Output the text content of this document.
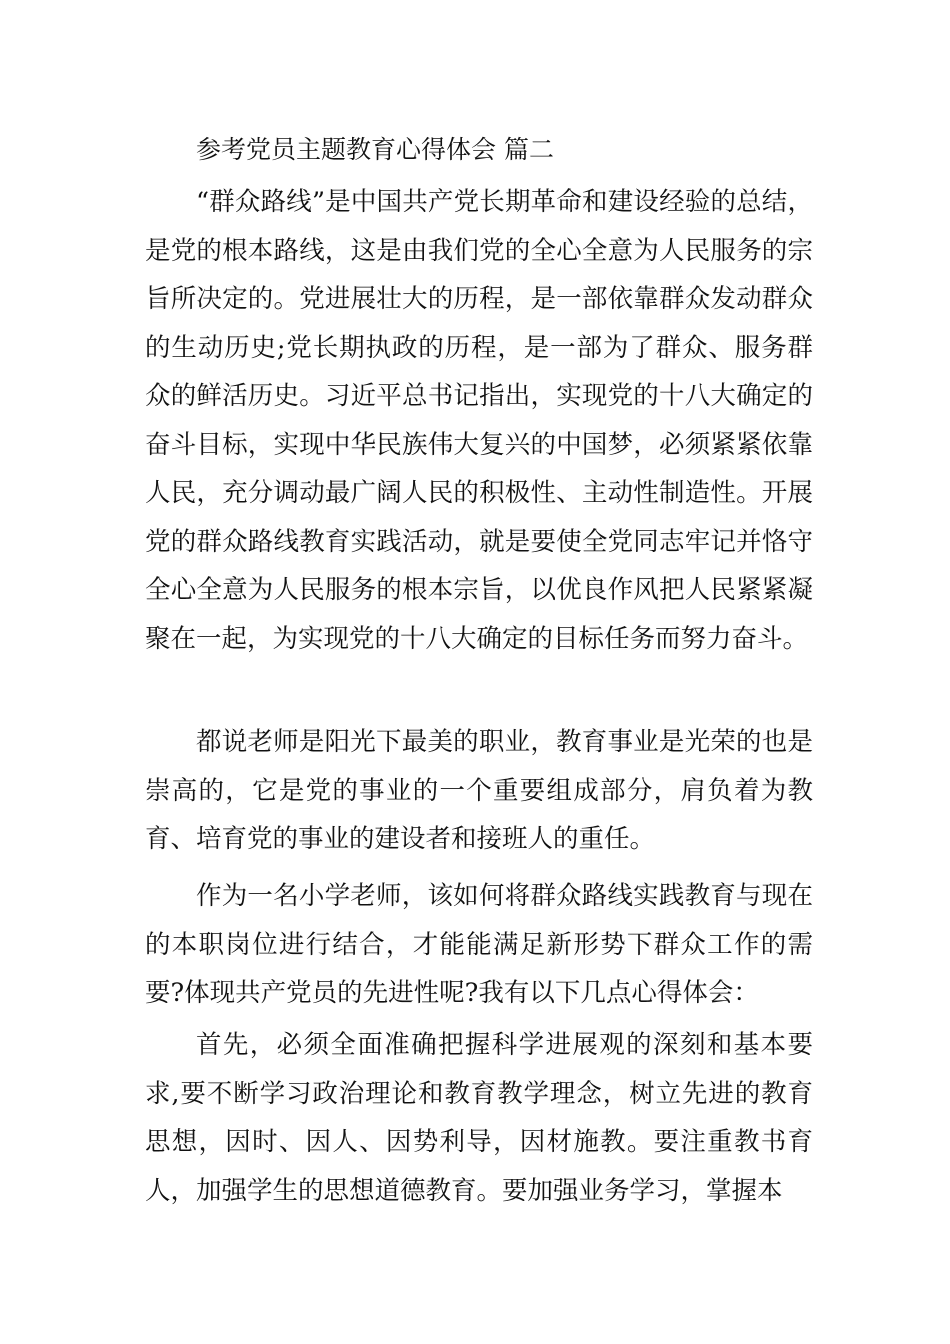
参考党员主题教育心得体会 篇二

“群众路线”是中国共产党长期革命和建设经验的总结，是党的根本路线，这是由我们党的全心全意为人民服务的宗旨所决定的。党进展壮大的历程，是一部依靠群众发动群众的生动历史;党长期执政的历程，是一部为了群众、服务群众的鲜活历史。习近平总书记指出，实现党的十八大确定的奋斗目标，实现中华民族伟大复兴的中国梦，必须紧紧依靠人民，充分调动最广阔人民的积极性、主动性制造性。开展党的群众路线教育实践活动，就是要使全党同志牢记并恪守全心全意为人民服务的根本宗旨，以优良作风把人民紧紧凝聚在一起，为实现党的十八大确定的目标任务而努力奋斗。

都说老师是阳光下最美的职业，教育事业是光荣的也是崇高的，它是党的事业的一个重要组成部分，肩负着为教育、培育党的事业的建设者和接班人的重任。

作为一名小学老师，该如何将群众路线实践教育与现在的本职岗位进行结合，才能能满足新形势下群众工作的需要?体现共产党员的先进性呢?我有以下几点心得体会：

首先，必须全面准确把握科学进展观的深刻和基本要求,要不断学习政治理论和教育教学理念，树立先进的教育思想，因时、因人、因势利导，因材施教。要注重教书育人，加强学生的思想道德教育。要加强业务学习，掌握本
